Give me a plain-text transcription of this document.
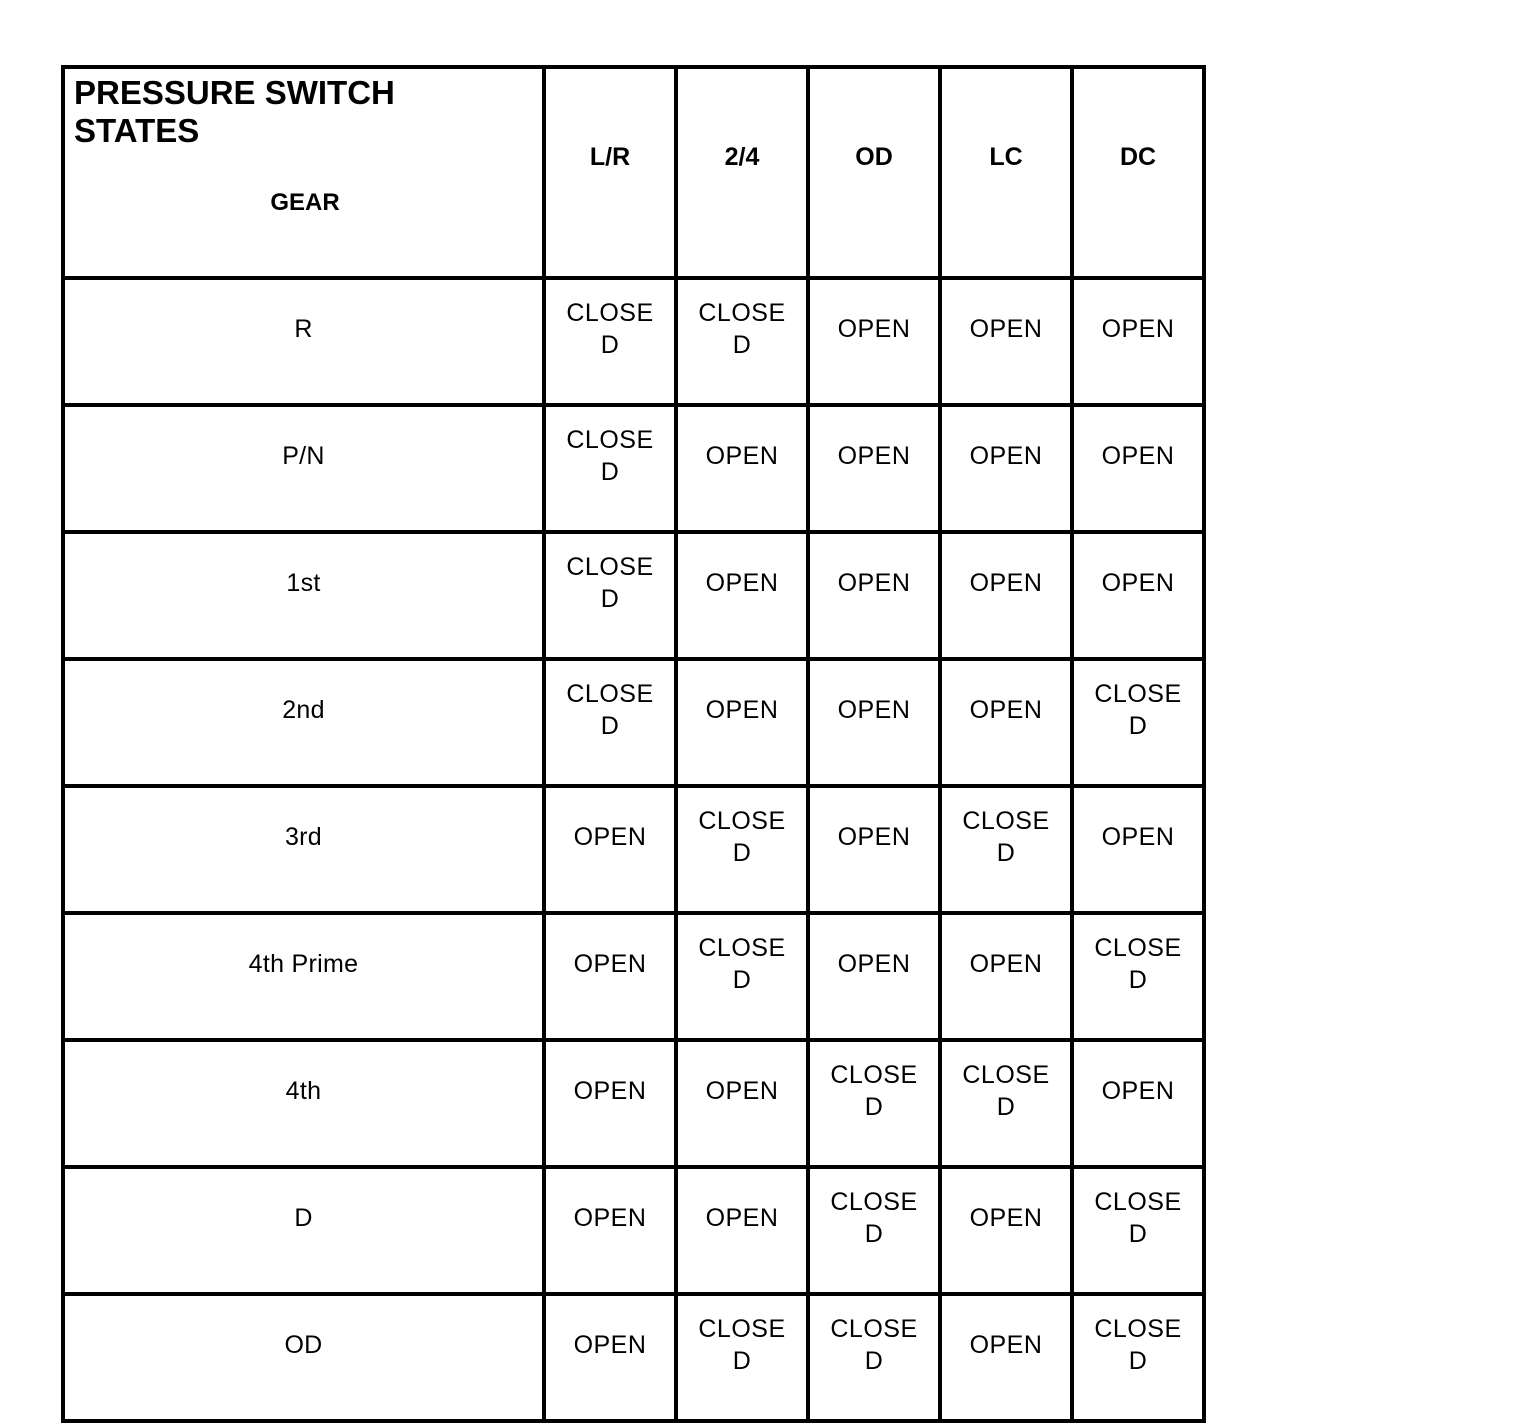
PRESSURE SWITCH STATES
GEAR	L/R	2/4	OD	LC	DC
R	CLOSED	CLOSED	OPEN	OPEN	OPEN
P/N	CLOSED	OPEN	OPEN	OPEN	OPEN
1st	CLOSED	OPEN	OPEN	OPEN	OPEN
2nd	CLOSED	OPEN	OPEN	OPEN	CLOSED
3rd	OPEN	CLOSED	OPEN	CLOSED	OPEN
4th Prime	OPEN	CLOSED	OPEN	OPEN	CLOSED
4th	OPEN	OPEN	CLOSED	CLOSED	OPEN
D	OPEN	OPEN	CLOSED	OPEN	CLOSED
OD	OPEN	CLOSED	CLOSED	OPEN	CLOSED
